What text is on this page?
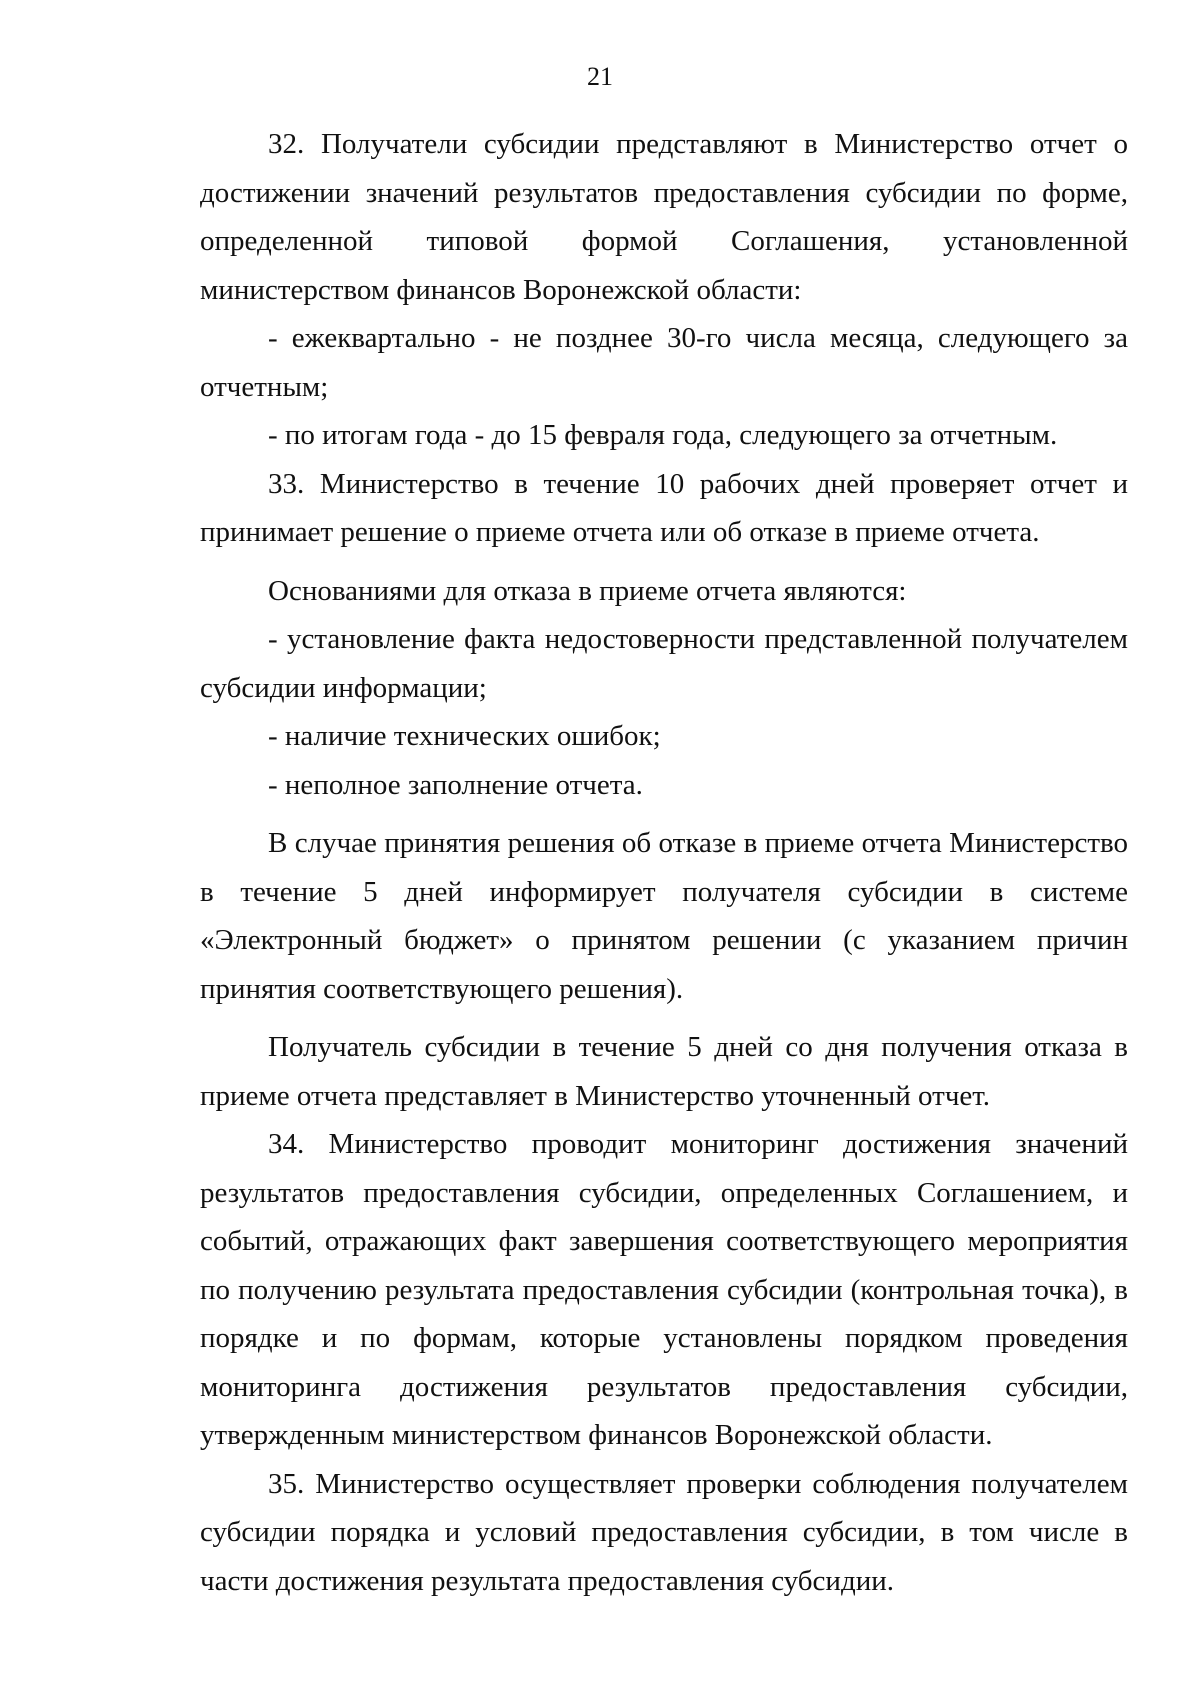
21

32. Получатели субсидии представляют в Министерство отчет о достижении значений результатов предоставления субсидии по форме, определенной типовой формой Соглашения, установленной министерством финансов Воронежской области:

- ежеквартально - не позднее 30-го числа месяца, следующего за отчетным;

- по итогам года - до 15 февраля года, следующего за отчетным.

33. Министерство в течение 10 рабочих дней проверяет отчет и принимает решение о приеме отчета или об отказе в приеме отчета.

Основаниями для отказа в приеме отчета являются:

- установление факта недостоверности представленной получателем субсидии информации;

- наличие технических ошибок;

- неполное заполнение отчета.

В случае принятия решения об отказе в приеме отчета Министерство в течение 5 дней информирует получателя субсидии в системе «Электронный бюджет» о принятом решении (с указанием причин принятия соответствующего решения).

Получатель субсидии в течение 5 дней со дня получения отказа в приеме отчета представляет в Министерство уточненный отчет.

34. Министерство проводит мониторинг достижения значений результатов предоставления субсидии, определенных Соглашением, и событий, отражающих факт завершения соответствующего мероприятия по получению результата предоставления субсидии (контрольная точка), в порядке и по формам, которые установлены порядком проведения мониторинга достижения результатов предоставления субсидии, утвержденным министерством финансов Воронежской области.

35. Министерство осуществляет проверки соблюдения получателем субсидии порядка и условий предоставления субсидии, в том числе в части достижения результата предоставления субсидии.
